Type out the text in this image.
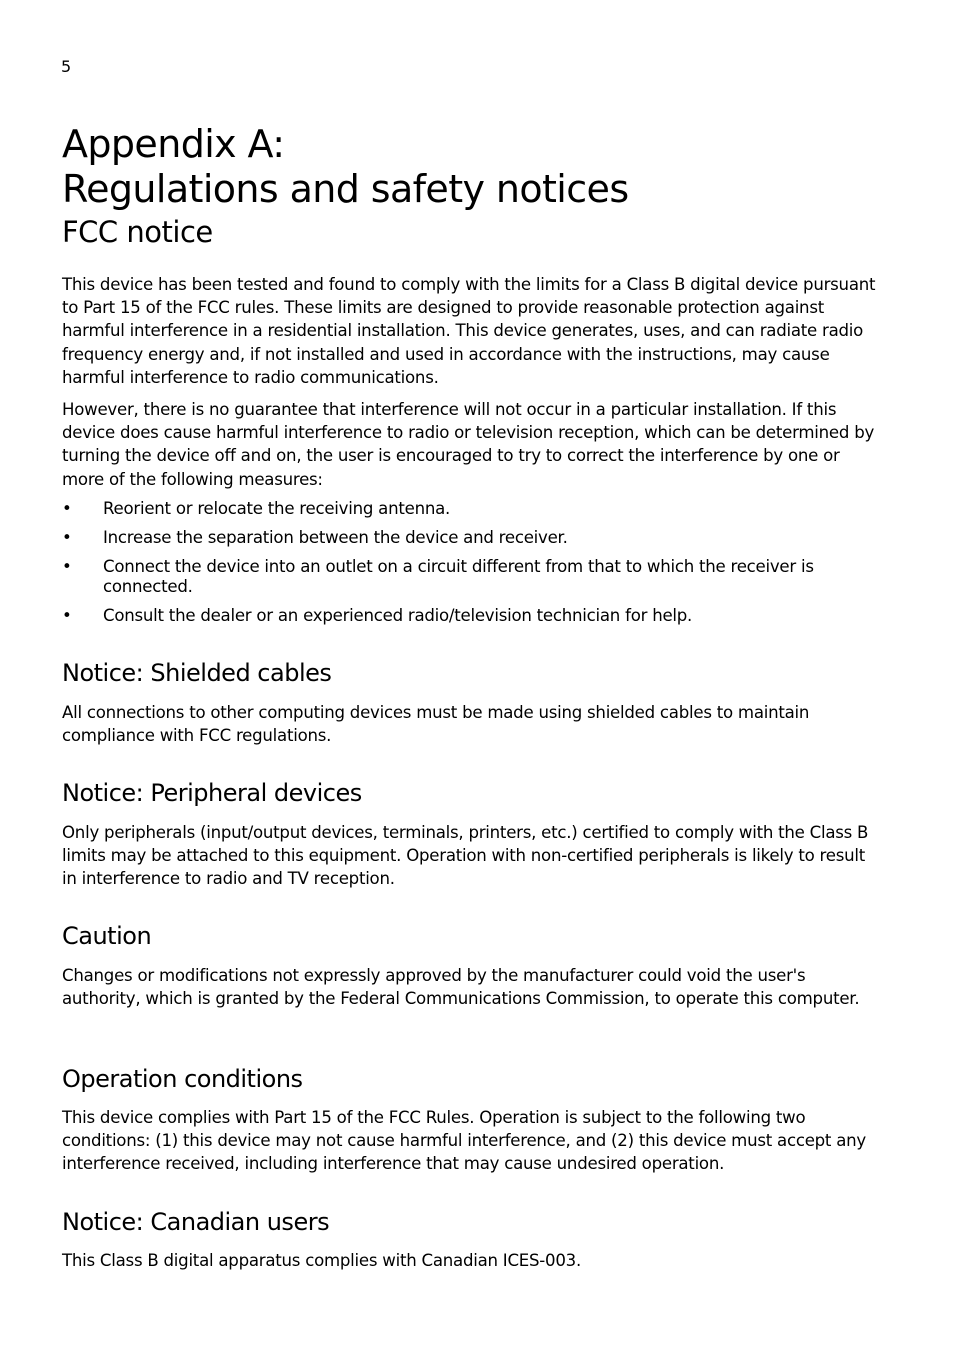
5

Appendix A:
Regulations and safety notices
FCC notice

This device has been tested and found to comply with the limits for a Class B digital device pursuant to Part 15 of the FCC rules. These limits are designed to provide reasonable protection against harmful interference in a residential installation. This device generates, uses, and can radiate radio frequency energy and, if not installed and used in accordance with the instructions, may cause harmful interference to radio communications.

However, there is no guarantee that interference will not occur in a particular installation. If this device does cause harmful interference to radio or television reception, which can be determined by turning the device off and on, the user is encouraged to try to correct the interference by one or more of the following measures:

• Reorient or relocate the receiving antenna.
• Increase the separation between the device and receiver.
• Connect the device into an outlet on a circuit different from that to which the receiver is connected.
• Consult the dealer or an experienced radio/television technician for help.
Notice: Shielded cables

All connections to other computing devices must be made using shielded cables to maintain compliance with FCC regulations.

Notice: Peripheral devices

Only peripherals (input/output devices, terminals, printers, etc.) certified to comply with the Class B limits may be attached to this equipment. Operation with non-certified peripherals is likely to result in interference to radio and TV reception.

Caution

Changes or modifications not expressly approved by the manufacturer could void the user's authority, which is granted by the Federal Communications Commission, to operate this computer.

Operation conditions

This device complies with Part 15 of the FCC Rules. Operation is subject to the following two conditions: (1) this device may not cause harmful interference, and (2) this device must accept any interference received, including interference that may cause undesired operation.

Notice: Canadian users

This Class B digital apparatus complies with Canadian ICES-003.
